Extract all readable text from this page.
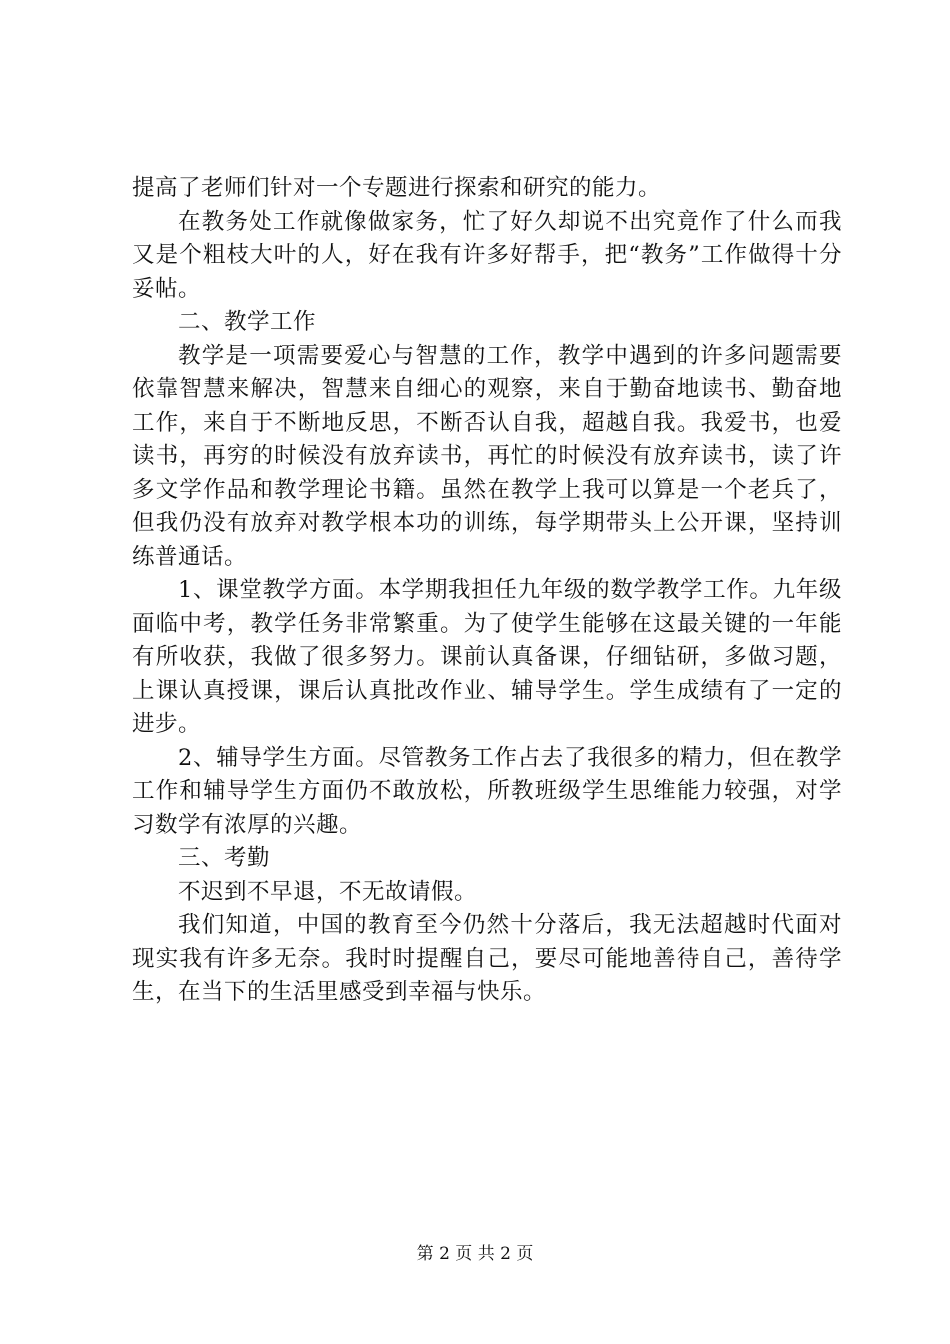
提高了老师们针对一个专题进行探索和研究的能力。

在教务处工作就像做家务，忙了好久却说不出究竟作了什么而我又是个粗枝大叶的人，好在我有许多好帮手，把“教务”工作做得十分妥帖。

二、教学工作

教学是一项需要爱心与智慧的工作，教学中遇到的许多问题需要依靠智慧来解决，智慧来自细心的观察，来自于勤奋地读书、勤奋地工作，来自于不断地反思，不断否认自我，超越自我。我爱书，也爱读书，再穷的时候没有放弃读书，再忙的时候没有放弃读书，读了许多文学作品和教学理论书籍。虽然在教学上我可以算是一个老兵了，但我仍没有放弃对教学根本功的训练，每学期带头上公开课，坚持训练普通话。

1、课堂教学方面。本学期我担任九年级的数学教学工作。九年级面临中考，教学任务非常繁重。为了使学生能够在这最关键的一年能有所收获，我做了很多努力。课前认真备课，仔细钻研，多做习题，上课认真授课，课后认真批改作业、辅导学生。学生成绩有了一定的进步。

2、辅导学生方面。尽管教务工作占去了我很多的精力，但在教学工作和辅导学生方面仍不敢放松，所教班级学生思维能力较强，对学习数学有浓厚的兴趣。

三、考勤

不迟到不早退，不无故请假。

我们知道，中国的教育至今仍然十分落后，我无法超越时代面对现实我有许多无奈。我时时提醒自己，要尽可能地善待自己，善待学生，在当下的生活里感受到幸福与快乐。

第 2 页 共 2 页
